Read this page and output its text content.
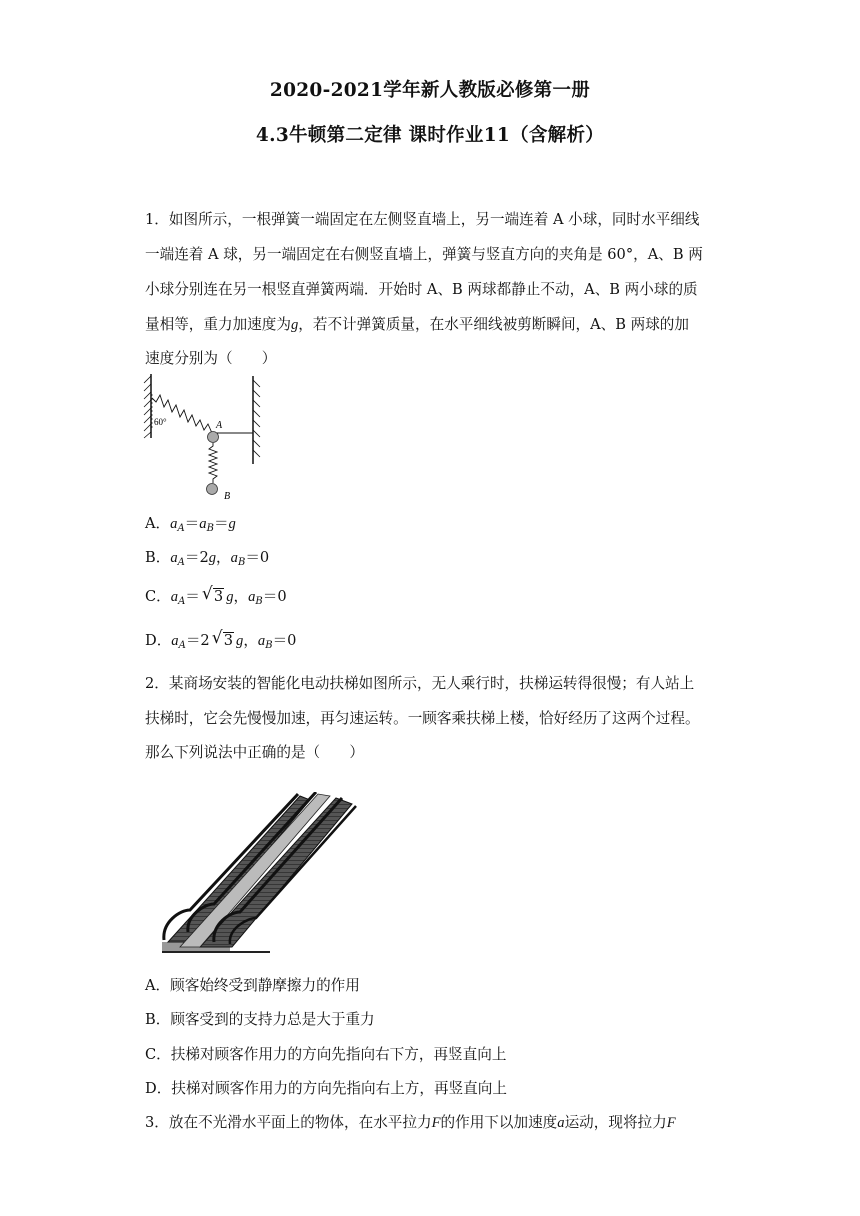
2020-2021学年新人教版必修第一册
4.3牛顿第二定律 课时作业11（含解析）
1．如图所示，一根弹簧一端固定在左侧竖直墙上，另一端连着 A 小球，同时水平细线
一端连着 A 球，另一端固定在右侧竖直墙上，弹簧与竖直方向的夹角是 60°，A、B 两
小球分别连在另一根竖直弹簧两端．开始时 A、B 两球都静止不动，A、B 两小球的质
量相等，重力加速度为g，若不计弹簧质量，在水平细线被剪断瞬间，A、B 两球的加
速度分别为（　　）
60°	A
B
A．$a_A=a_B=g$
B．$a_A=2g$，$a_B=0$
C．$a_A=$ √ 3 g，$a_B=0$
D．$a_A=2$ √ 3 g，$a_B=0$
2．某商场安装的智能化电动扶梯如图所示，无人乘行时，扶梯运转得很慢；有人站上
扶梯时，它会先慢慢加速，再匀速运转。一顾客乘扶梯上楼，恰好经历了这两个过程。
那么下列说法中正确的是（　　）
A．顾客始终受到静摩擦力的作用
B．顾客受到的支持力总是大于重力
C．扶梯对顾客作用力的方向先指向右下方，再竖直向上
D．扶梯对顾客作用力的方向先指向右上方，再竖直向上
3．放在不光滑水平面上的物体，在水平拉力F的作用下以加速度a运动，现将拉力F
